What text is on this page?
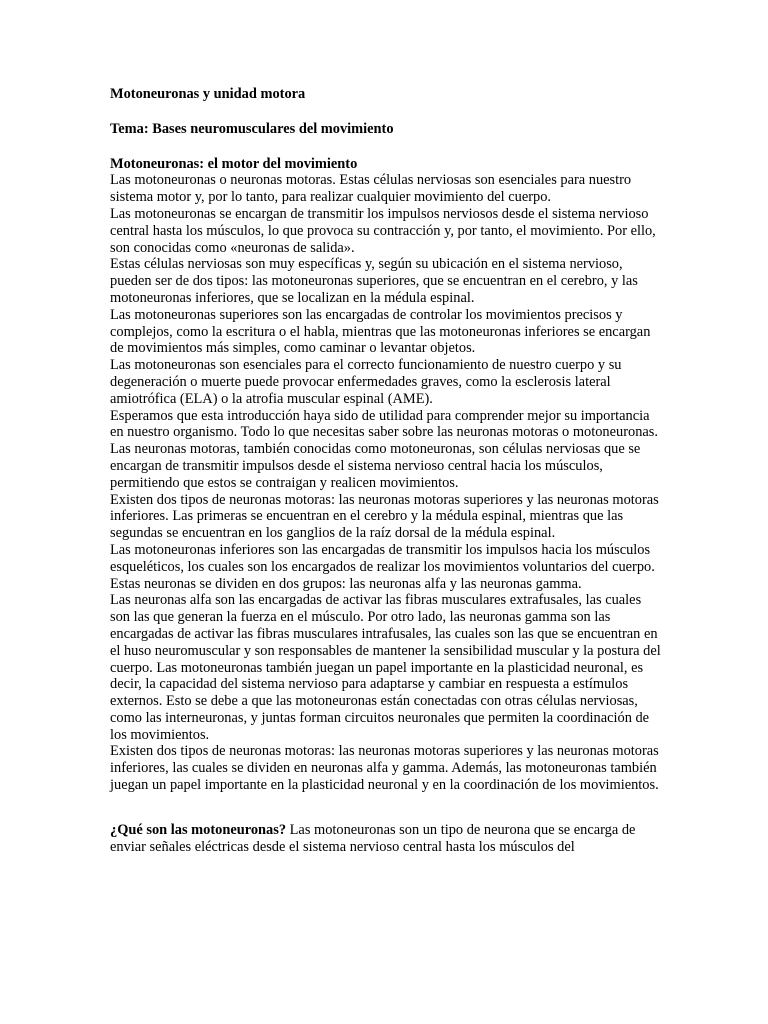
Motoneuronas y unidad motora

Tema: Bases neuromusculares del movimiento

Motoneuronas: el motor del movimiento

Las motoneuronas o neuronas motoras. Estas células nerviosas son esenciales para nuestro sistema motor y, por lo tanto, para realizar cualquier movimiento del cuerpo.

Las motoneuronas se encargan de transmitir los impulsos nerviosos desde el sistema nervioso central hasta los músculos, lo que provoca su contracción y, por tanto, el movimiento. Por ello, son conocidas como «neuronas de salida».

Estas células nerviosas son muy específicas y, según su ubicación en el sistema nervioso, pueden ser de dos tipos: las motoneuronas superiores, que se encuentran en el cerebro, y las motoneuronas inferiores, que se localizan en la médula espinal.

Las motoneuronas superiores son las encargadas de controlar los movimientos precisos y complejos, como la escritura o el habla, mientras que las motoneuronas inferiores se encargan de movimientos más simples, como caminar o levantar objetos.

Las motoneuronas son esenciales para el correcto funcionamiento de nuestro cuerpo y su degeneración o muerte puede provocar enfermedades graves, como la esclerosis lateral amiotrófica (ELA) o la atrofia muscular espinal (AME).

Esperamos que esta introducción haya sido de utilidad para comprender mejor su importancia en nuestro organismo. Todo lo que necesitas saber sobre las neuronas motoras o motoneuronas. Las neuronas motoras, también conocidas como motoneuronas, son células nerviosas que se encargan de transmitir impulsos desde el sistema nervioso central hacia los músculos, permitiendo que estos se contraigan y realicen movimientos.

Existen dos tipos de neuronas motoras: las neuronas motoras superiores y las neuronas motoras inferiores. Las primeras se encuentran en el cerebro y la médula espinal, mientras que las segundas se encuentran en los ganglios de la raíz dorsal de la médula espinal.

Las motoneuronas inferiores son las encargadas de transmitir los impulsos hacia los músculos esqueléticos, los cuales son los encargados de realizar los movimientos voluntarios del cuerpo. Estas neuronas se dividen en dos grupos: las neuronas alfa y las neuronas gamma.

Las neuronas alfa son las encargadas de activar las fibras musculares extrafusales, las cuales son las que generan la fuerza en el músculo. Por otro lado, las neuronas gamma son las encargadas de activar las fibras musculares intrafusales, las cuales son las que se encuentran en el huso neuromuscular y son responsables de mantener la sensibilidad muscular y la postura del cuerpo. Las motoneuronas también juegan un papel importante en la plasticidad neuronal, es decir, la capacidad del sistema nervioso para adaptarse y cambiar en respuesta a estímulos externos. Esto se debe a que las motoneuronas están conectadas con otras células nerviosas, como las interneuronas, y juntas forman circuitos neuronales que permiten la coordinación de los movimientos.

Existen dos tipos de neuronas motoras: las neuronas motoras superiores y las neuronas motoras inferiores, las cuales se dividen en neuronas alfa y gamma. Además, las motoneuronas también juegan un papel importante en la plasticidad neuronal y en la coordinación de los movimientos.

¿Qué son las motoneuronas? Las motoneuronas son un tipo de neurona que se encarga de enviar señales eléctricas desde el sistema nervioso central hasta los músculos del
